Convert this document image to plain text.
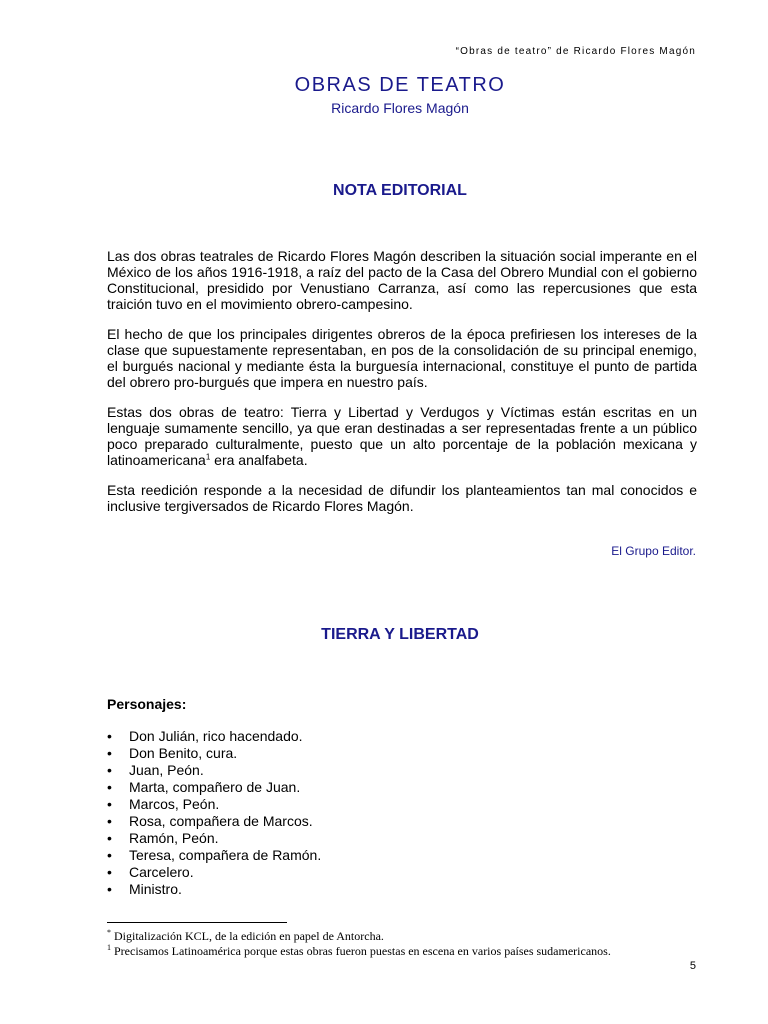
“Obras de teatro” de Ricardo Flores Magón
OBRAS DE TEATRO
Ricardo Flores Magón
NOTA EDITORIAL

Las dos obras teatrales de Ricardo Flores Magón describen la situación social imperante en el México de los años 1916-1918, a raíz del pacto de la Casa del Obrero Mundial con el gobierno Constitucional, presidido por Venustiano Carranza, así como las repercusiones que esta traición tuvo en el movimiento obrero-campesino.

El hecho de que los principales dirigentes obreros de la época prefiriesen los intereses de la clase que supuestamente representaban, en pos de la consolidación de su principal enemigo, el burgués nacional y mediante ésta la burguesía internacional, constituye el punto de partida del obrero pro-burgués que impera en nuestro país.

Estas dos obras de teatro: Tierra y Libertad y Verdugos y Víctimas están escritas en un lenguaje sumamente sencillo, ya que eran destinadas a ser representadas frente a un público poco preparado culturalmente, puesto que un alto porcentaje de la población mexicana y latinoamericana$^1$ era analfabeta.

Esta reedición responde a la necesidad de difundir los planteamientos tan mal conocidos e inclusive tergiversados de Ricardo Flores Magón.

El Grupo Editor.
TIERRA Y LIBERTAD
Personajes:
• Don Julián, rico hacendado.
• Don Benito, cura.
• Juan, Peón.
• Marta, compañero de Juan.
• Marcos, Peón.
• Rosa, compañera de Marcos.
• Ramón, Peón.
• Teresa, compañera de Ramón.
• Carcelero.
• Ministro.
* Digitalización KCL, de la edición en papel de Antorcha.
$^1$ Precisamos Latinoamérica porque estas obras fueron puestas en escena en varios países sudamericanos.
5
